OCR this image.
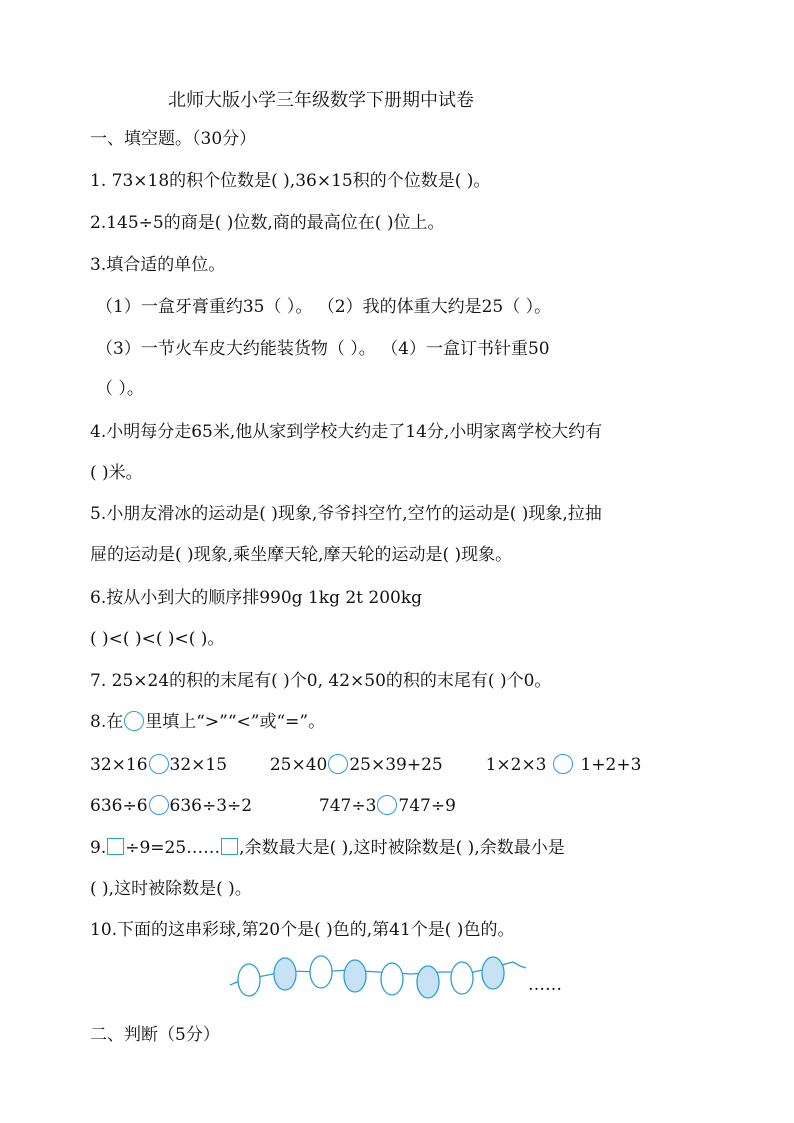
北师大版小学三年级数学下册期中试卷
一、填空题。（30分）
1. 73×18的积个位数是( ),36×15积的个位数是( )。
2.145÷5的商是( )位数,商的最高位在( )位上。
3.填合适的单位。
（1）一盒牙膏重约35（ ）。 （2）我的体重大约是25（ ）。
（3）一节火车皮大约能装货物（ ）。 （4）一盒订书针重50
（ ）。
4.小明每分走65米,他从家到学校大约走了14分,小明家离学校大约有
( )米。
5.小朋友滑冰的运动是( )现象,爷爷抖空竹,空竹的运动是( )现象,拉抽
屉的运动是( )现象,乘坐摩天轮,摩天轮的运动是( )现象。
6.按从小到大的顺序排990g 1kg 2t 200kg
( )<( )<( )<( )。
7. 25×24的积的末尾有( )个0, 42×50的积的末尾有( )个0。
8.在 里填上“>”“<”或“=”。
32×16 32×15	25×40 25×39+25	1×2×3 1+2+3
636÷6 636÷3÷2	747÷3 747÷9
9. ÷9=25…… ,余数最大是( ),这时被除数是( ),余数最小是
( ),这时被除数是( )。
10.下面的这串彩球,第20个是( )色的,第41个是( )色的。
……
二、判断（5分）
